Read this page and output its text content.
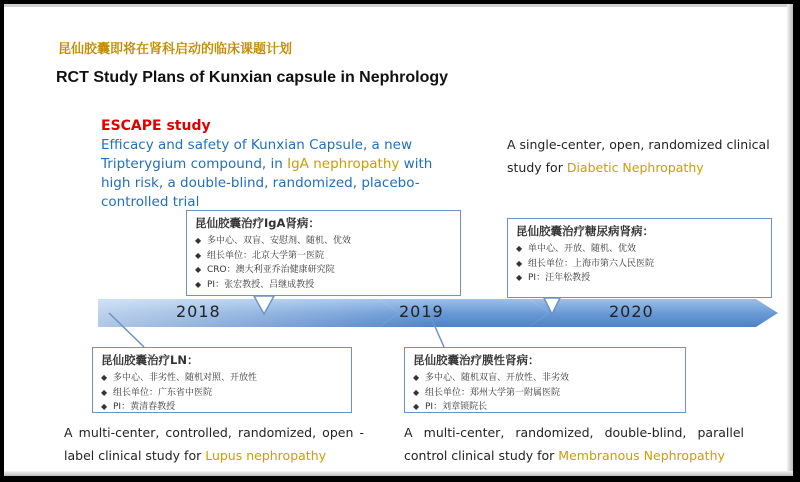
昆仙胶囊即将在肾科启动的临床课题计划
RCT Study Plans of Kunxian capsule in Nephrology
ESCAPE study
Efficacy and safety of Kunxian Capsule, a new Tripterygium compound, in IgA nephropathy with high risk, a double-blind, randomized, placebo-controlled trial
A single-center, open, randomized clinical study for Diabetic Nephropathy
2018	2019	2020
昆仙胶囊治疗IgA肾病：
◆ 多中心、双盲、安慰剂、随机、优效
◆ 组长单位：北京大学第一医院
◆ CRO：澳大利亚乔治健康研究院
◆ PI：张宏教授、吕继成教授
昆仙胶囊治疗糖尿病肾病：
◆ 单中心、开放、随机、优效
◆ 组长单位：上海市第六人民医院
◆ PI：汪年松教授
昆仙胶囊治疗LN：
◆ 多中心、非劣性、随机对照、开放性
◆ 组长单位：广东省中医院
◆ PI：黄清春教授
昆仙胶囊治疗膜性肾病：
◆ 多中心、随机双盲、开放性、非劣效
◆ 组长单位：郑州大学第一附属医院
◆ PI：刘章锁院长
A multi-center, controlled, randomized, open - label clinical study for Lupus nephropathy
A multi-center, randomized, double-blind, parallel control clinical study for Membranous Nephropathy
